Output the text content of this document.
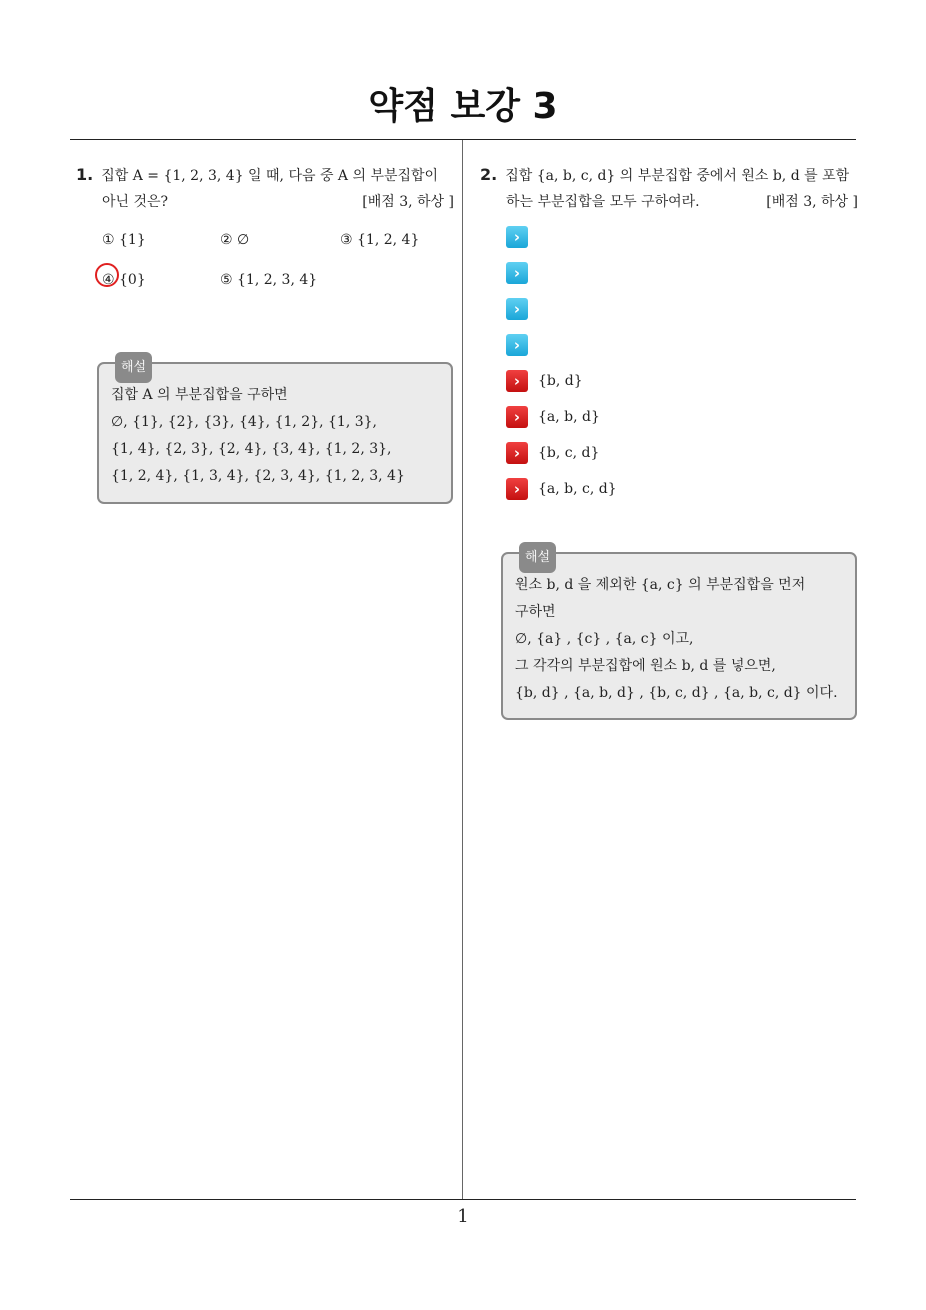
약점 보강 3
1. 집합 A = {1, 2, 3, 4} 일 때, 다음 중 A 의 부분집합이
아닌 것은?	[배점 3, 하상 ]
① {1}	② ∅	③ {1, 2, 4}
④ {0}	⑤ {1, 2, 3, 4}
해설
집합 A 의 부분집합을 구하면
∅, {1}, {2}, {3}, {4}, {1, 2}, {1, 3},
{1, 4}, {2, 3}, {2, 4}, {3, 4}, {1, 2, 3},
{1, 2, 4}, {1, 3, 4}, {2, 3, 4}, {1, 2, 3, 4}
2. 집합 {a, b, c, d} 의 부분집합 중에서 원소 b, d 를 포함
하는 부분집합을 모두 구하여라.	[배점 3, 하상 ]
›
›
›
›
›	{b, d}
›	{a, b, d}
›	{b, c, d}
›	{a, b, c, d}
해설
원소 b, d 을 제외한 {a, c} 의 부분집합을 먼저
구하면
∅, {a} , {c} , {a, c} 이고,
그 각각의 부분집합에 원소 b, d 를 넣으면,
{b, d} , {a, b, d} , {b, c, d} , {a, b, c, d} 이다.
1
